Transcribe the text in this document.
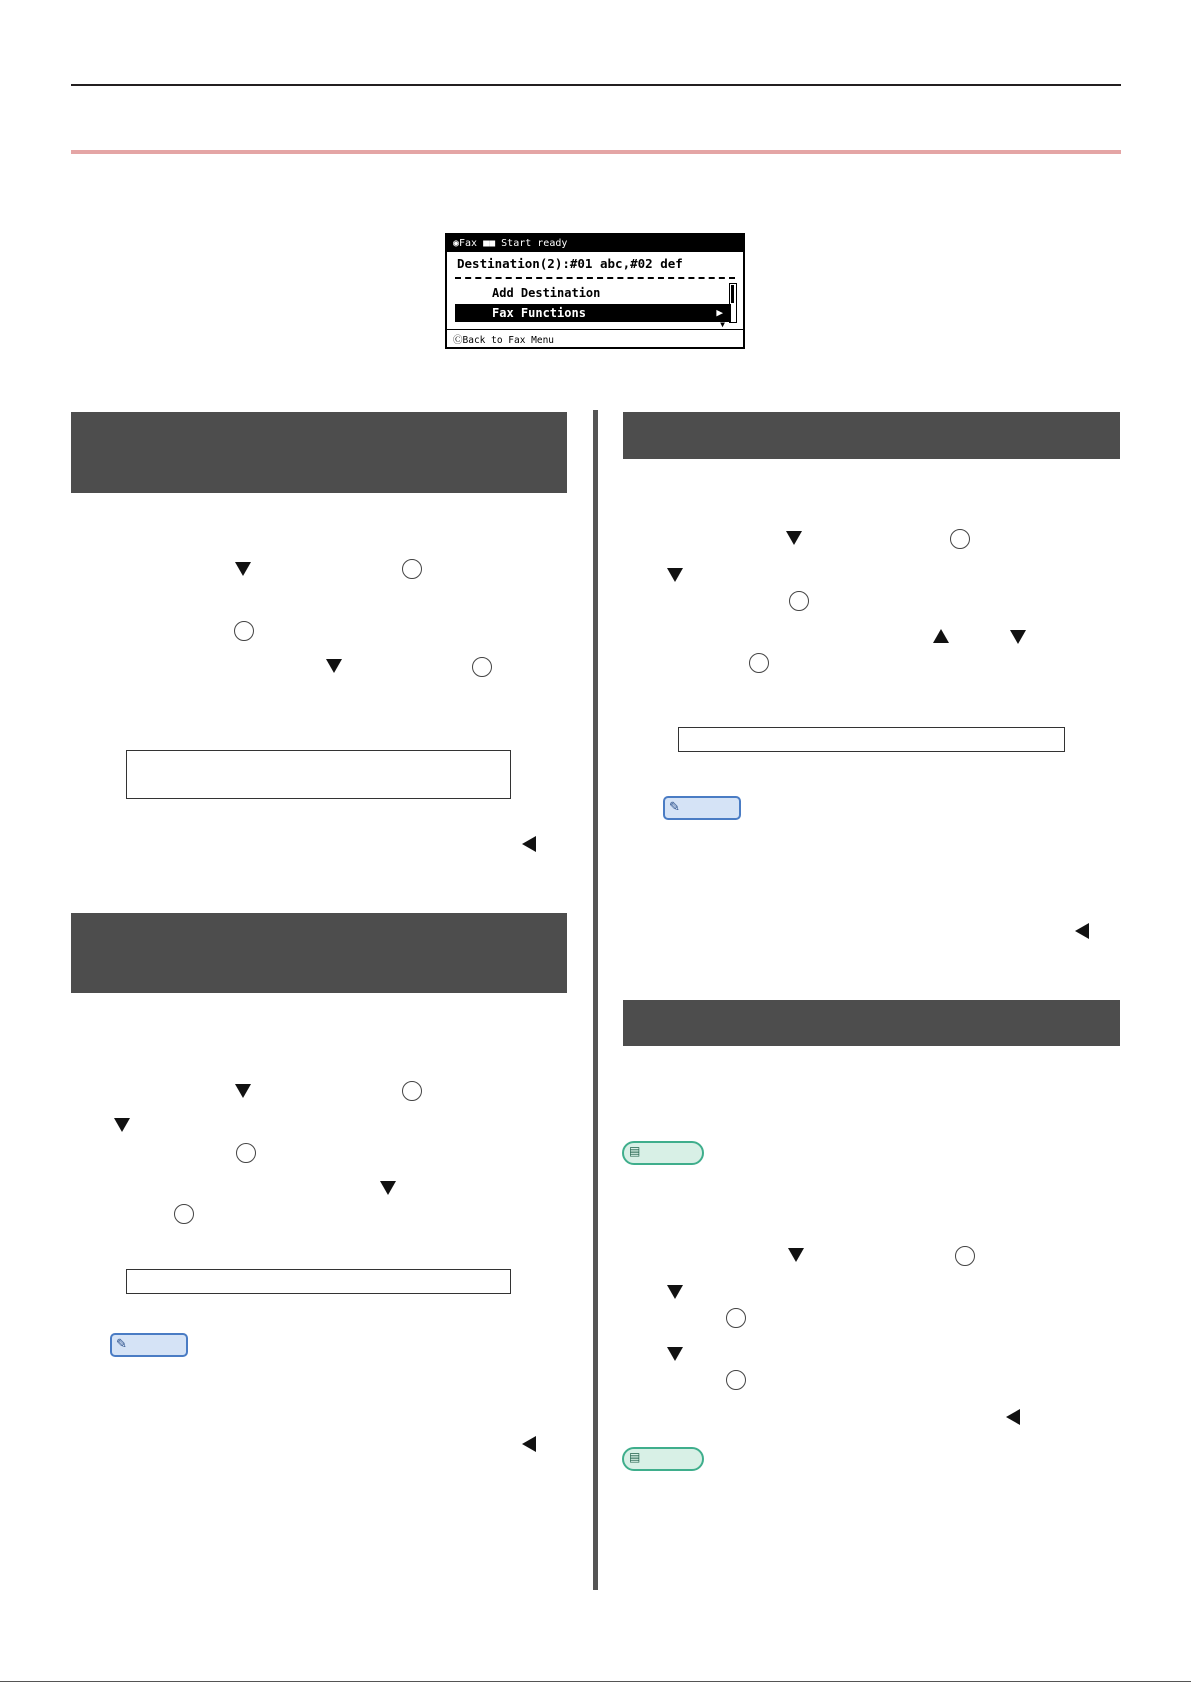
◉Fax ■■ Start ready
Destination(2):#01 abc,#02 def
Add Destination
Fax Functions	▶
▼
ⒸBack to Fax Menu
✎
✎
▤
▤
